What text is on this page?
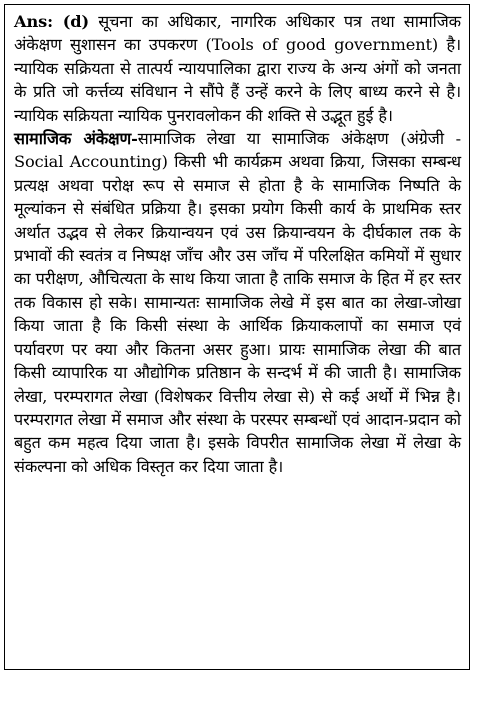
Ans: (d) सूचना का अधिकार, नागरिक अधिकार पत्र तथा सामाजिक अंकेक्षण सुशासन का उपकरण (Tools of good government) है। न्यायिक सक्रियता से तात्पर्य न्यायपालिका द्वारा राज्य के अन्य अंगों को जनता के प्रति जो कर्त्तव्य संविधान ने सौंपे हैं उन्हें करने के लिए बाध्य करने से है। न्यायिक सक्रियता न्यायिक पुनरावलोकन की शक्ति से उद्भूत हुई है।

सामाजिक अंकेक्षण-सामाजिक लेखा या सामाजिक अंकेक्षण (अंग्रेजी - Social Accounting) किसी भी कार्यक्रम अथवा क्रिया, जिसका सम्बन्ध प्रत्यक्ष अथवा परोक्ष रूप से समाज से होता है के सामाजिक निष्पति के मूल्यांकन से संबंधित प्रक्रिया है। इसका प्रयोग किसी कार्य के प्राथमिक स्तर अर्थात उद्भव से लेकर क्रियान्वयन एवं उस क्रियान्वयन के दीर्घकाल तक के प्रभावों की स्वतंत्र व निष्पक्ष जाँच और उस जाँच में परिलक्षित कमियों में सुधार का परीक्षण, औचित्यता के साथ किया जाता है ताकि समाज के हित में हर स्तर तक विकास हो सके। सामान्यतः सामाजिक लेखे में इस बात का लेखा-जोखा किया जाता है कि किसी संस्था के आर्थिक क्रियाकलापों का समाज एवं पर्यावरण पर क्या और कितना असर हुआ। प्रायः सामाजिक लेखा की बात किसी व्यापारिक या औद्योगिक प्रतिष्ठान के सन्दर्भ में की जाती है। सामाजिक लेखा, परम्परागत लेखा (विशेषकर वित्तीय लेखा से) से कई अर्थो में भिन्न है। परम्परागत लेखा में समाज और संस्था के परस्पर सम्बन्धों एवं आदान-प्रदान को बहुत कम महत्व दिया जाता है। इसके विपरीत सामाजिक लेखा में लेखा के संकल्पना को अधिक विस्तृत कर दिया जाता है।
